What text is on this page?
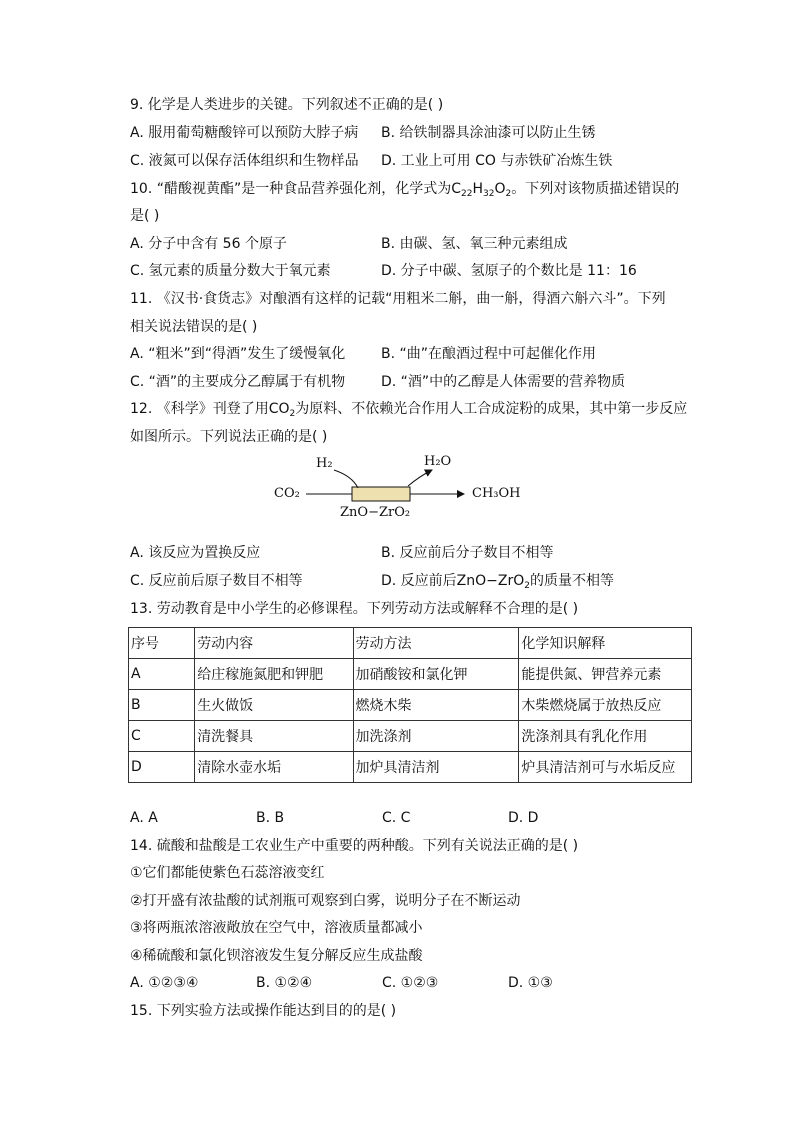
9. 化学是人类进步的关键。下列叙述不正确的是( )
A. 服用葡萄糖酸锌可以预防大脖子病 B. 给铁制器具涂油漆可以防止生锈
C. 液氮可以保存活体组织和生物样品 D. 工业上可用 CO 与赤铁矿冶炼生铁
10. “醋酸视黄酯”是一种食品营养强化剂，化学式为$C_{22}H_{32}O_2$。下列对该物质描述错误的
是( )
A. 分子中含有 56 个原子	B. 由碳、氢、氧三种元素组成
C. 氢元素的质量分数大于氧元素	D. 分子中碳、氢原子的个数比是 11：16
11. 《汉书·食货志》对酿酒有这样的记载“用粗米二斛，曲一斛，得酒六斛六斗”。下列
相关说法错误的是( )
A. “粗米”到“得酒”发生了缓慢氧化	B. “曲”在酿酒过程中可起催化作用
C. “酒”的主要成分乙醇属于有机物	D. “酒”中的乙醇是人体需要的营养物质
12. 《科学》刊登了用$CO_2$为原料、不依赖光合作用人工合成淀粉的成果，其中第一步反应
如图所示。下列说法正确的是( )
H₂	H₂O
CO₂	CH₃OH
ZnO−ZrO₂
A. 该反应为置换反应	B. 反应前后分子数目不相等
C. 反应前后原子数目不相等	D. 反应前后ZnO−ZrO$_2$的质量不相等
13. 劳动教育是中小学生的必修课程。下列劳动方法或解释不合理的是( )
序号	劳动内容	劳动方法	化学知识解释
A	给庄稼施氮肥和钾肥	加硝酸铵和氯化钾	能提供氮、钾营养元素
B	生火做饭	燃烧木柴	木柴燃烧属于放热反应
C	清洗餐具	加洗涤剂	洗涤剂具有乳化作用
D	清除水壶水垢	加炉具清洁剂	炉具清洁剂可与水垢反应
A. A	B. B	C. C	D. D
14. 硫酸和盐酸是工农业生产中重要的两种酸。下列有关说法正确的是( )
①它们都能使紫色石蕊溶液变红
②打开盛有浓盐酸的试剂瓶可观察到白雾，说明分子在不断运动
③将两瓶浓溶液敞放在空气中，溶液质量都减小
④稀硫酸和氯化钡溶液发生复分解反应生成盐酸
A. ①②③④	B. ①②④	C. ①②③	D. ①③
15. 下列实验方法或操作能达到目的的是( )
